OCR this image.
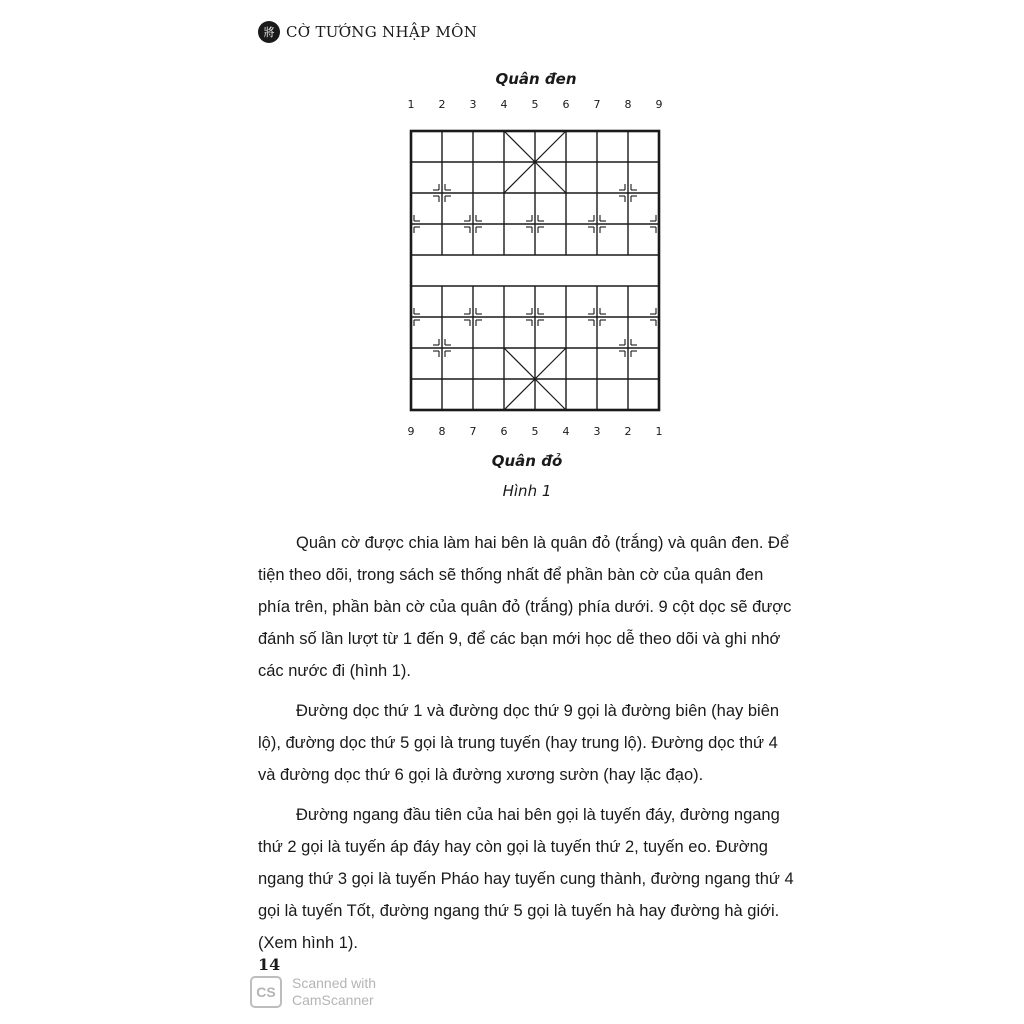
將 CỜ TƯỚNG NHẬP MÔN
Quân đen
1	2	3	4	5	6	7	8	9
9	8	7	6	5	4	3	2	1
Quân đỏ
Hình 1

Quân cờ được chia làm hai bên là quân đỏ (trắng) và quân đen. Để tiện theo dõi, trong sách sẽ thống nhất để phần bàn cờ của quân đen phía trên, phần bàn cờ của quân đỏ (trắng) phía dưới. 9 cột dọc sẽ được đánh số lần lượt từ 1 đến 9, để các bạn mới học dễ theo dõi và ghi nhớ các nước đi (hình 1).

Đường dọc thứ 1 và đường dọc thứ 9 gọi là đường biên (hay biên lộ), đường dọc thứ 5 gọi là trung tuyến (hay trung lộ). Đường dọc thứ 4 và đường dọc thứ 6 gọi là đường xương sườn (hay lặc đạo).

Đường ngang đầu tiên của hai bên gọi là tuyến đáy, đường ngang thứ 2 gọi là tuyến áp đáy hay còn gọi là tuyến thứ 2, tuyến eo. Đường ngang thứ 3 gọi là tuyến Pháo hay tuyến cung thành, đường ngang thứ 4 gọi là tuyến Tốt, đường ngang thứ 5 gọi là tuyến hà hay đường hà giới. (Xem hình 1).

14
CS
Scanned with
CamScanner
